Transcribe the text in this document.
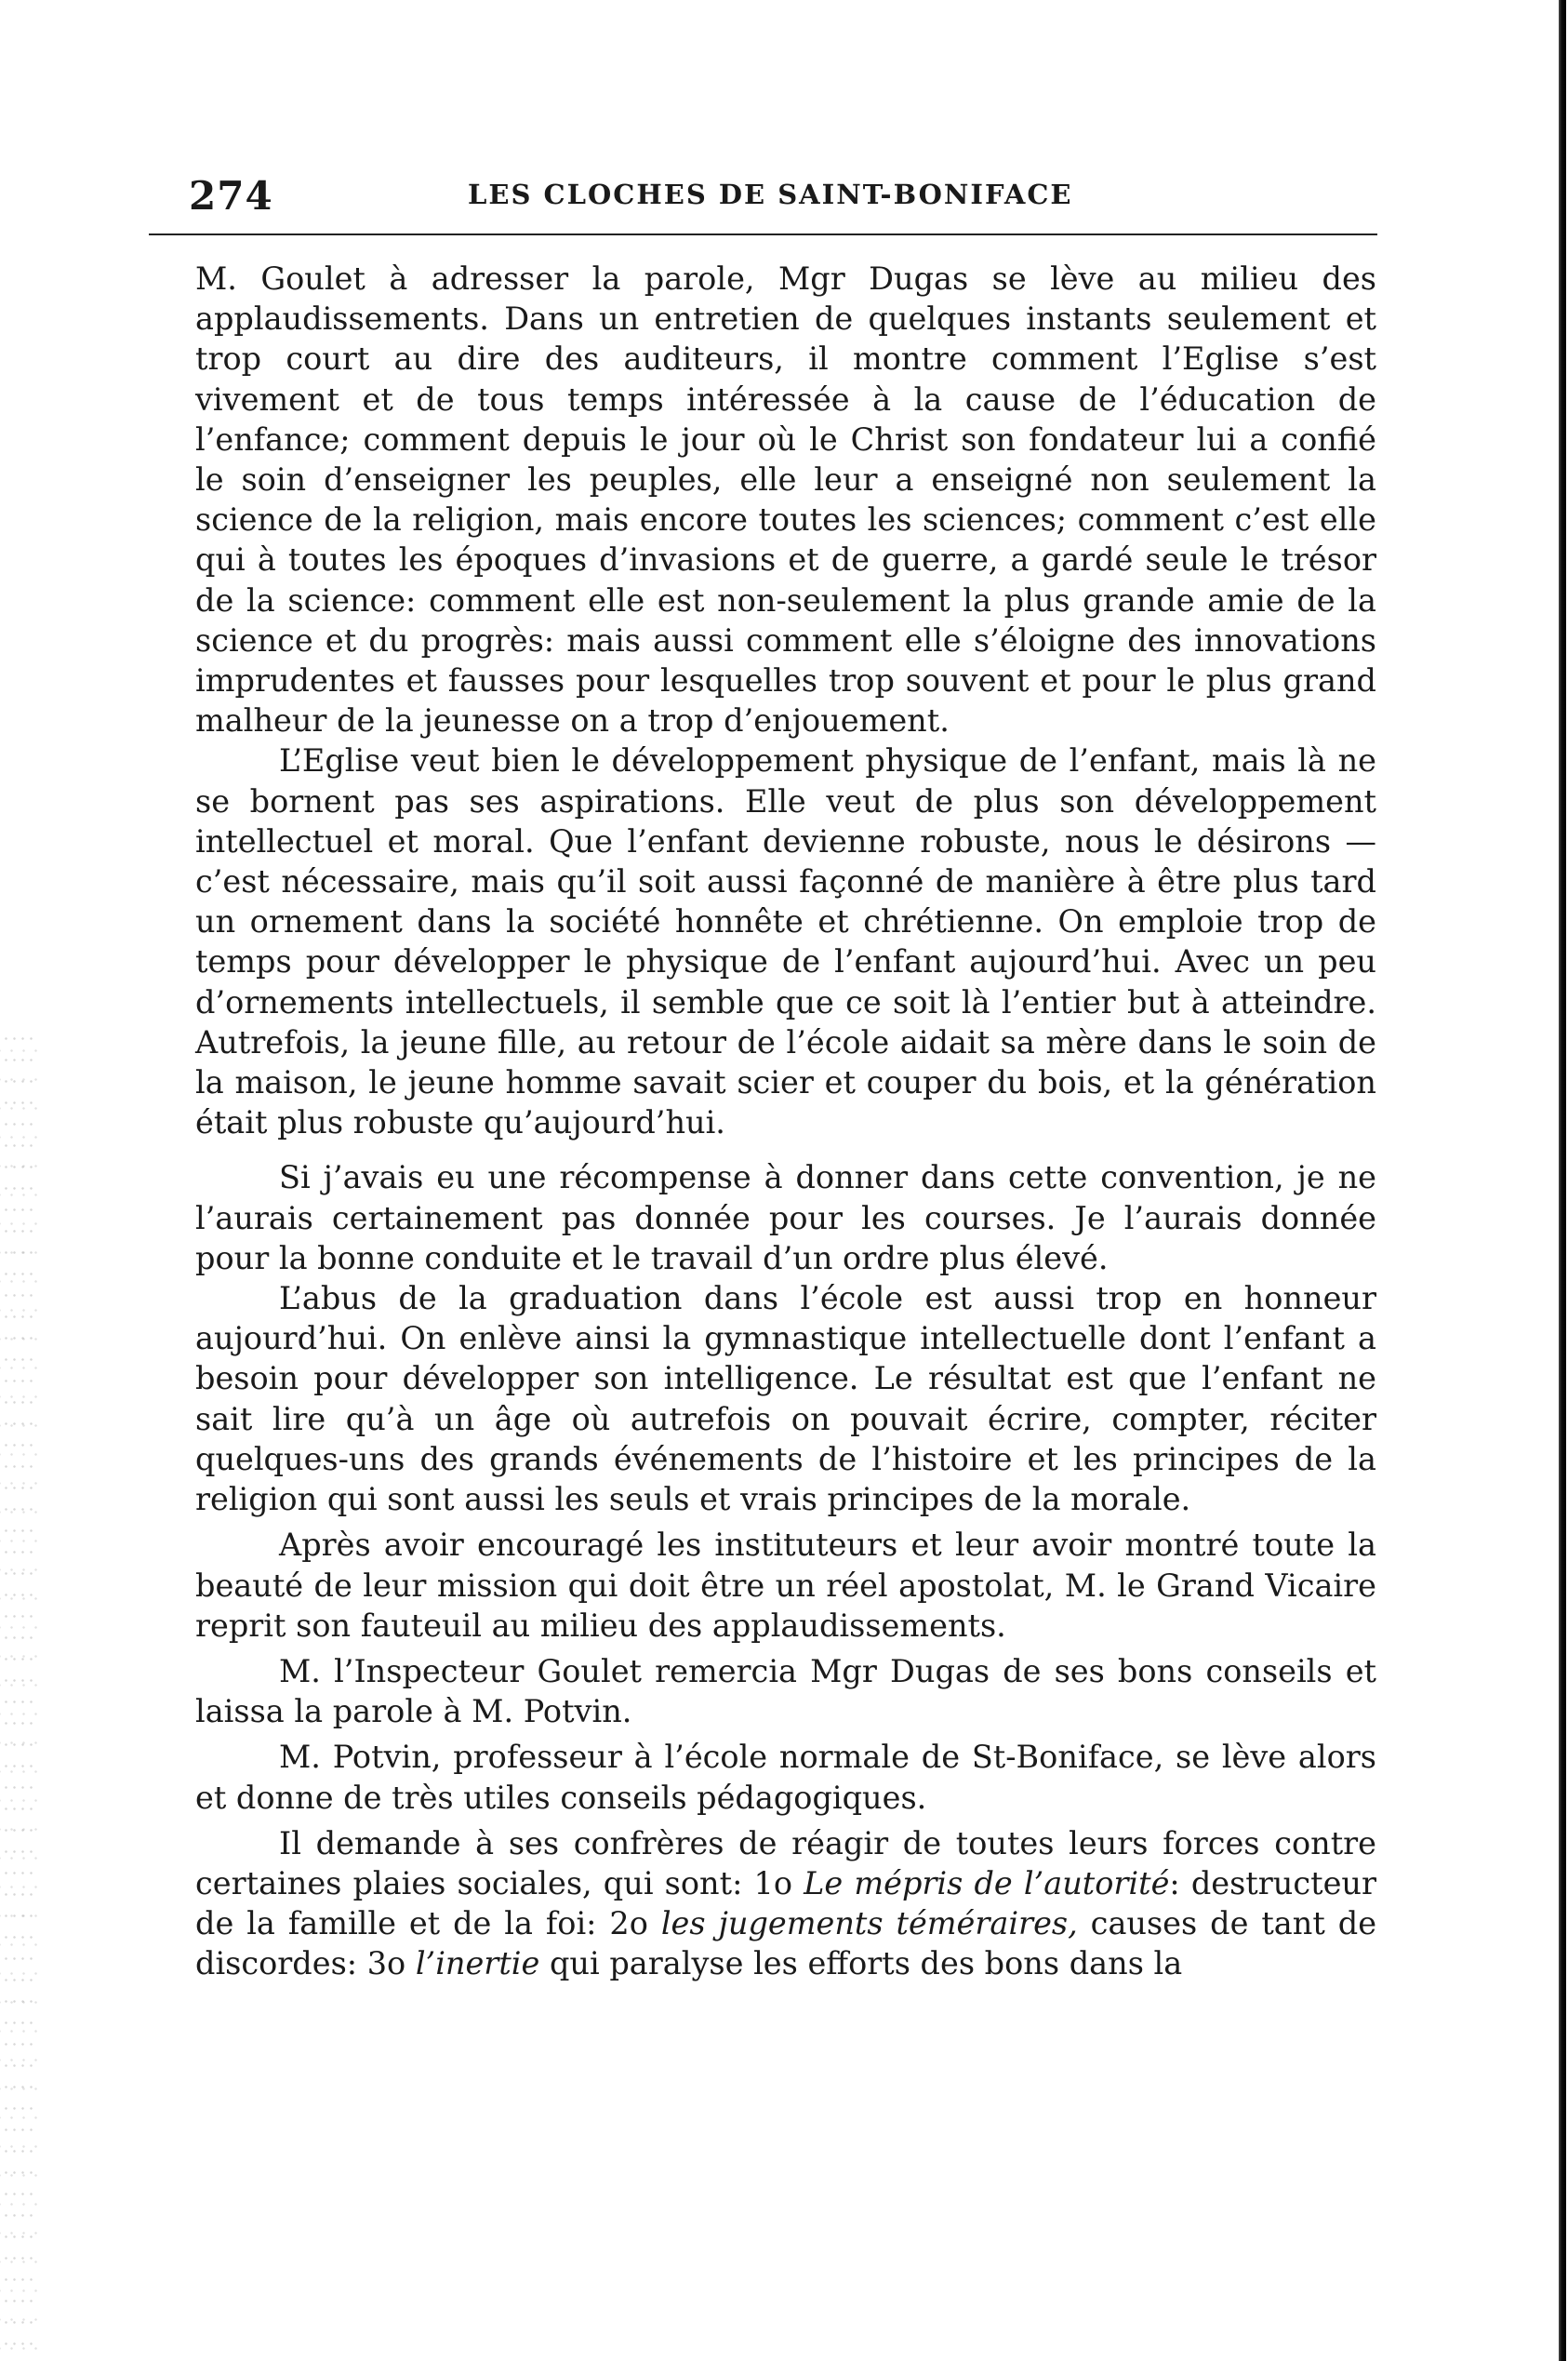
274	LES CLOCHES DE SAINT-BONIFACE

M. Goulet à adresser la parole, Mgr Dugas se lève au milieu des applaudissements. Dans un entretien de quelques instants seulement et trop court au dire des auditeurs, il montre comment l’Eglise s’est vivement et de tous temps intéressée à la cause de l’éducation de l’enfance; comment depuis le jour où le Christ son fondateur lui a confié le soin d’enseigner les peuples, elle leur a enseigné non seulement la science de la religion, mais encore toutes les sciences; comment c’est elle qui à toutes les époques d’invasions et de guerre, a gardé seule le trésor de la science: comment elle est non-seulement la plus grande amie de la science et du progrès: mais aussi comment elle s’éloigne des innovations imprudentes et fausses pour lesquelles trop souvent et pour le plus grand malheur de la jeunesse on a trop d’enjouement.

L’Eglise veut bien le développement physique de l’enfant, mais là ne se bornent pas ses aspirations. Elle veut de plus son développement intellectuel et moral. Que l’enfant devienne robuste, nous le désirons — c’est nécessaire, mais qu’il soit aussi façonné de manière à être plus tard un ornement dans la société honnête et chrétienne. On emploie trop de temps pour développer le physique de l’enfant aujourd’hui. Avec un peu d’ornements intellectuels, il semble que ce soit là l’entier but à atteindre. Autrefois, la jeune fille, au retour de l’école aidait sa mère dans le soin de la maison, le jeune homme savait scier et couper du bois, et la génération était plus robuste qu’aujourd’hui.

Si j’avais eu une récompense à donner dans cette convention, je ne l’aurais certainement pas donnée pour les courses. Je l’aurais donnée pour la bonne conduite et le travail d’un ordre plus élevé.

L’abus de la graduation dans l’école est aussi trop en honneur aujourd’hui. On enlève ainsi la gymnastique intellectuelle dont l’enfant a besoin pour développer son intelligence. Le résultat est que l’enfant ne sait lire qu’à un âge où autrefois on pouvait écrire, compter, réciter quelques-uns des grands événements de l’histoire et les principes de la religion qui sont aussi les seuls et vrais principes de la morale.

Après avoir encouragé les instituteurs et leur avoir montré toute la beauté de leur mission qui doit être un réel apostolat, M. le Grand Vicaire reprit son fauteuil au milieu des applaudissements.

M. l’Inspecteur Goulet remercia Mgr Dugas de ses bons conseils et laissa la parole à M. Potvin.

M. Potvin, professeur à l’école normale de St-Boniface, se lève alors et donne de très utiles conseils pédagogiques.

Il demande à ses confrères de réagir de toutes leurs forces contre certaines plaies sociales, qui sont: 1o Le mépris de l’autorité: destructeur de la famille et de la foi: 2o les jugements téméraires, causes de tant de discordes: 3o l’inertie qui paralyse les efforts des bons dans la
